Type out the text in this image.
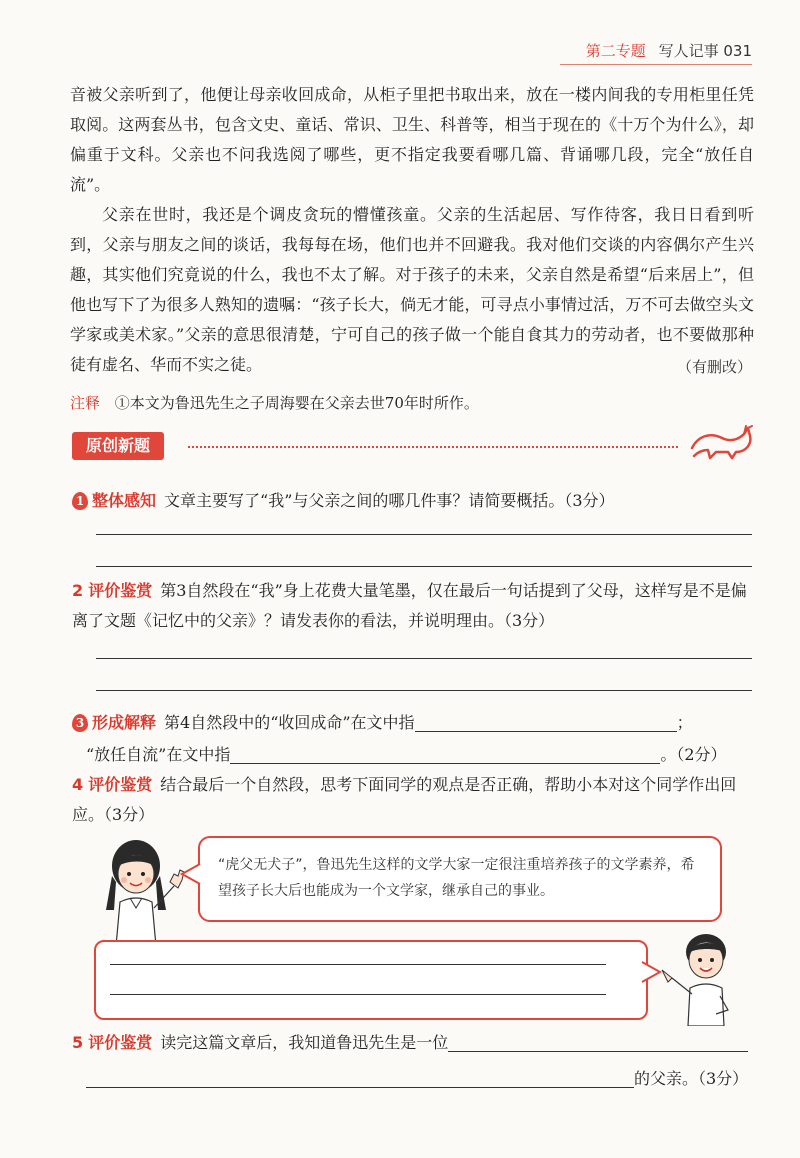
第二专题 写人记事 031

音被父亲听到了，他便让母亲收回成命，从柜子里把书取出来，放在一楼内间我的专用柜里任凭取阅。这两套丛书，包含文史、童话、常识、卫生、科普等，相当于现在的《十万个为什么》，却偏重于文科。父亲也不问我选阅了哪些，更不指定我要看哪几篇、背诵哪几段，完全“放任自流”。

父亲在世时，我还是个调皮贪玩的懵懂孩童。父亲的生活起居、写作待客，我日日看到听到，父亲与朋友之间的谈话，我每每在场，他们也并不回避我。我对他们交谈的内容偶尔产生兴趣，其实他们究竟说的什么，我也不太了解。对于孩子的未来，父亲自然是希望“后来居上”，但他也写下了为很多人熟知的遗嘱：“孩子长大，倘无才能，可寻点小事情过活，万不可去做空头文学家或美术家。”父亲的意思很清楚，宁可自己的孩子做一个能自食其力的劳动者，也不要做那种徒有虚名、华而不实之徒。	（有删改）
注释 ①本文为鲁迅先生之子周海婴在父亲去世70年时所作。
原创新题
1 整体感知 文章主要写了“我”与父亲之间的哪几件事？请简要概括。（3分）
2 评价鉴赏 第3自然段在“我”身上花费大量笔墨，仅在最后一句话提到了父母，这样写是不是偏离了文题《记忆中的父亲》？请发表你的看法，并说明理由。（3分）
3 形成解释 第4自然段中的“收回成命”在文中指	；
“放任自流”在文中指	。（2分）
4 评价鉴赏 结合最后一个自然段，思考下面同学的观点是否正确，帮助小本对这个同学作出回应。（3分）
“虎父无犬子”，鲁迅先生这样的文学大家一定很注重培养孩子的文学素养，希望孩子长大后也能成为一个文学家，继承自己的事业。
5 评价鉴赏 读完这篇文章后，我知道鲁迅先生是一位
的父亲。（3分）
